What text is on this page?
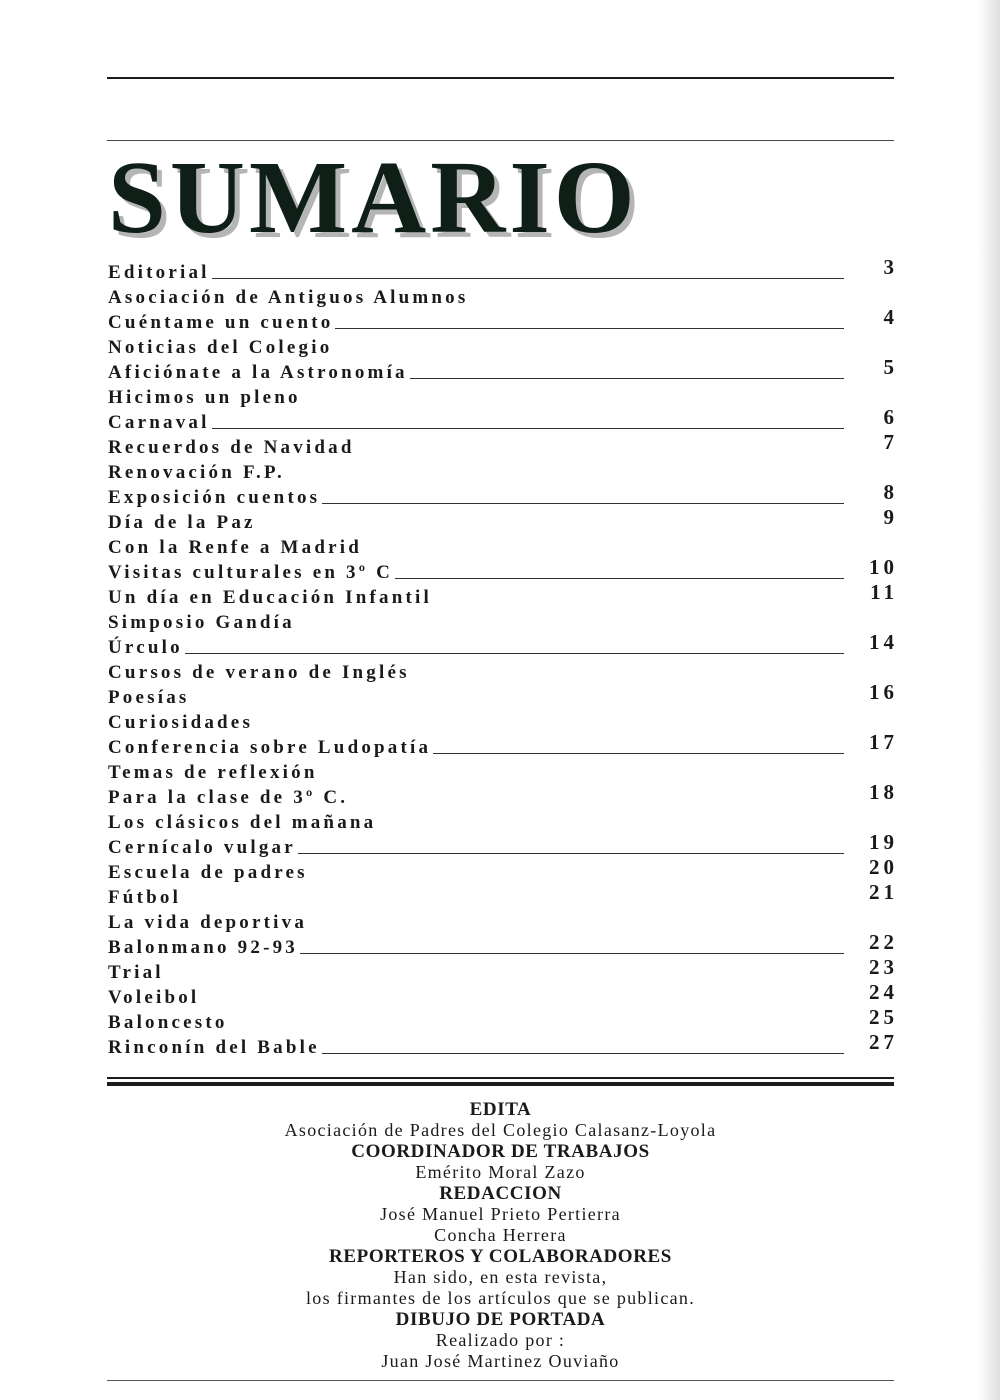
SUMARIO
Editorial	3
Asociación de Antiguos Alumnos
Cuéntame un cuento	4
Noticias del Colegio
Aficiónate a la Astronomía	5
Hicimos un pleno
Carnaval	6
Recuerdos de Navidad	7
Renovación F.P.
Exposición cuentos	8
Día de la Paz	9
Con la Renfe a Madrid
Visitas culturales en 3º C	10
Un día en Educación Infantil	11
Simposio Gandía
Úrculo	14
Cursos de verano de Inglés
Poesías	16
Curiosidades
Conferencia sobre Ludopatía	17
Temas de reflexión
Para la clase de 3º C.	18
Los clásicos del mañana
Cernícalo vulgar	19
Escuela de padres	20
Fútbol	21
La vida deportiva
Balonmano 92-93	22
Trial	23
Voleibol	24
Baloncesto	25
Rinconín del Bable	27
EDITA
Asociación de Padres del Colegio Calasanz-Loyola
COORDINADOR DE TRABAJOS
Emérito Moral Zazo
REDACCION
José Manuel Prieto Pertierra
Concha Herrera
REPORTEROS Y COLABORADORES
Han sido, en esta revista,
los firmantes de los artículos que se publican.
DIBUJO DE PORTADA
Realizado por :
Juan José Martinez Ouviaño
